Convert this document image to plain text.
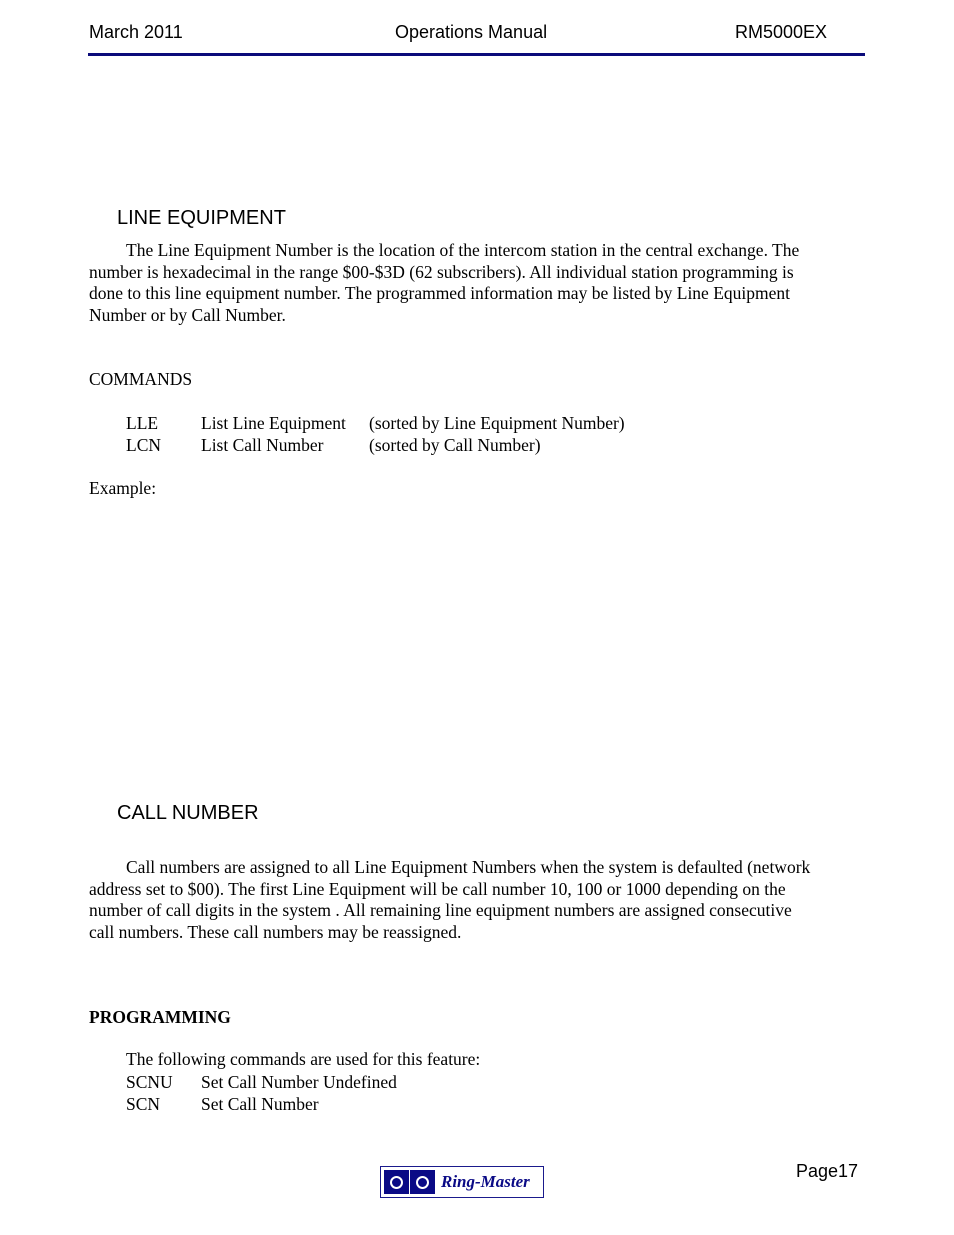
March 2011	Operations Manual	RM5000EX
LINE EQUIPMENT
The Line Equipment Number is the location of the intercom station in the central exchange. The
number is hexadecimal in the range $00-$3D (62 subscribers). All individual station programming is
done to this line equipment number. The programmed information may be listed by Line Equipment
Number or by Call Number.
COMMANDS
LLE List Line Equipment (sorted by Line Equipment Number)
LCN List Call Number	(sorted by Call Number)
Example:
CALL NUMBER
Call numbers are assigned to all Line Equipment Numbers when the system is defaulted (network
address set to $00). The first Line Equipment will be call number 10, 100 or 1000 depending on the
number of call digits in the system . All remaining line equipment numbers are assigned consecutive
call numbers. These call numbers may be reassigned.
PROGRAMMING
The following commands are used for this feature:
SCNU Set Call Number Undefined
SCN Set Call Number
Page17
Ring-Master
